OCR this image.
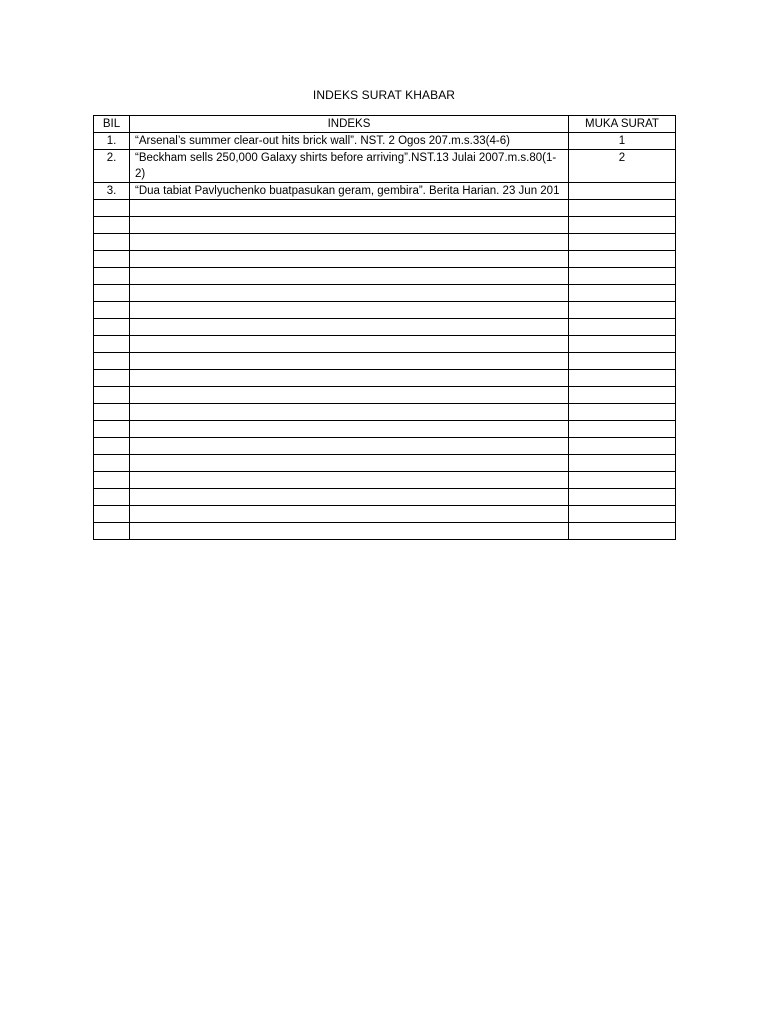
INDEKS SURAT KHABAR
BIL	INDEKS	MUKA SURAT
1.	“Arsenal’s summer clear-out hits brick wall”. NST. 2 Ogos 207.m.s.33(4-6)	1
2.	“Beckham sells 250,000 Galaxy shirts before arriving”.NST.13 Julai 2007.m.s.80(1-2)	2
3.	“Dua tabiat Pavlyuchenko buatpasukan geram, gembira”. Berita Harian. 23 Jun 201	
